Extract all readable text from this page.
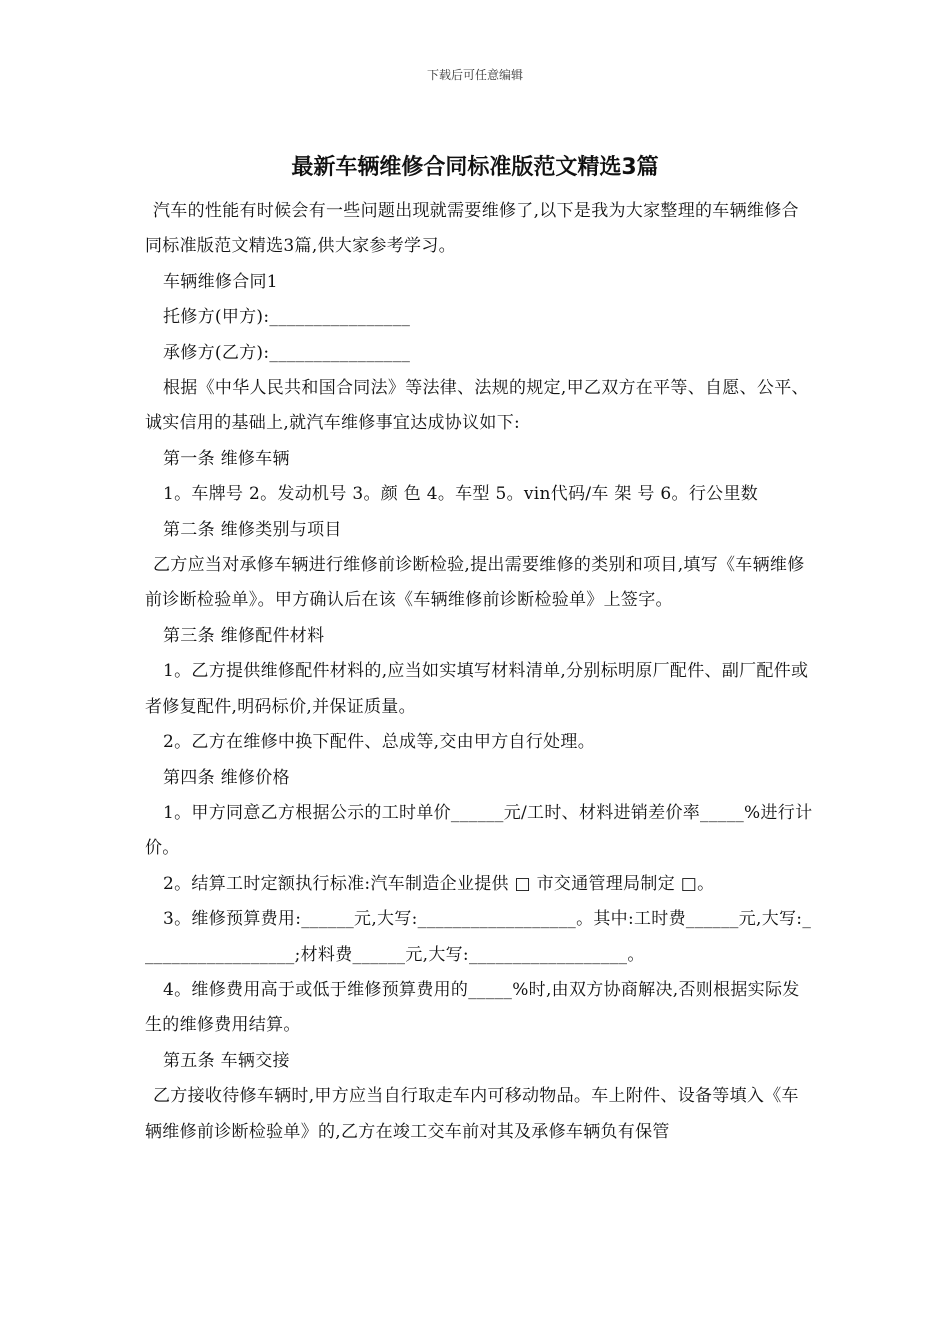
下载后可任意编辑
最新车辆维修合同标准版范文精选3篇

汽车的性能有时候会有一些问题出现就需要维修了,以下是我为大家整理的车辆维修合同标准版范文精选3篇,供大家参考学习。

车辆维修合同1

托修方(甲方):________________

承修方(乙方):________________

根据《中华人民共和国合同法》等法律、法规的规定,甲乙双方在平等、自愿、公平、诚实信用的基础上,就汽车维修事宜达成协议如下:

第一条 维修车辆

1。车牌号 2。发动机号 3。颜 色 4。车型 5。vin代码/车 架 号 6。行公里数

第二条 维修类别与项目

乙方应当对承修车辆进行维修前诊断检验,提出需要维修的类别和项目,填写《车辆维修前诊断检验单》。甲方确认后在该《车辆维修前诊断检验单》上签字。

第三条 维修配件材料

1。乙方提供维修配件材料的,应当如实填写材料清单,分别标明原厂配件、副厂配件或者修复配件,明码标价,并保证质量。

2。乙方在维修中换下配件、总成等,交由甲方自行处理。

第四条 维修价格

1。甲方同意乙方根据公示的工时单价______元/工时、材料进销差价率_____%进行计价。

2。结算工时定额执行标准:汽车制造企业提供 □ 市交通管理局制定 □。

3。维修预算费用:______元,大写:__________________。其中:工时费______元,大写:__________________;材料费______元,大写:__________________。

4。维修费用高于或低于维修预算费用的_____%时,由双方协商解决,否则根据实际发生的维修费用结算。

第五条 车辆交接

乙方接收待修车辆时,甲方应当自行取走车内可移动物品。车上附件、设备等填入《车辆维修前诊断检验单》的,乙方在竣工交车前对其及承修车辆负有保管
